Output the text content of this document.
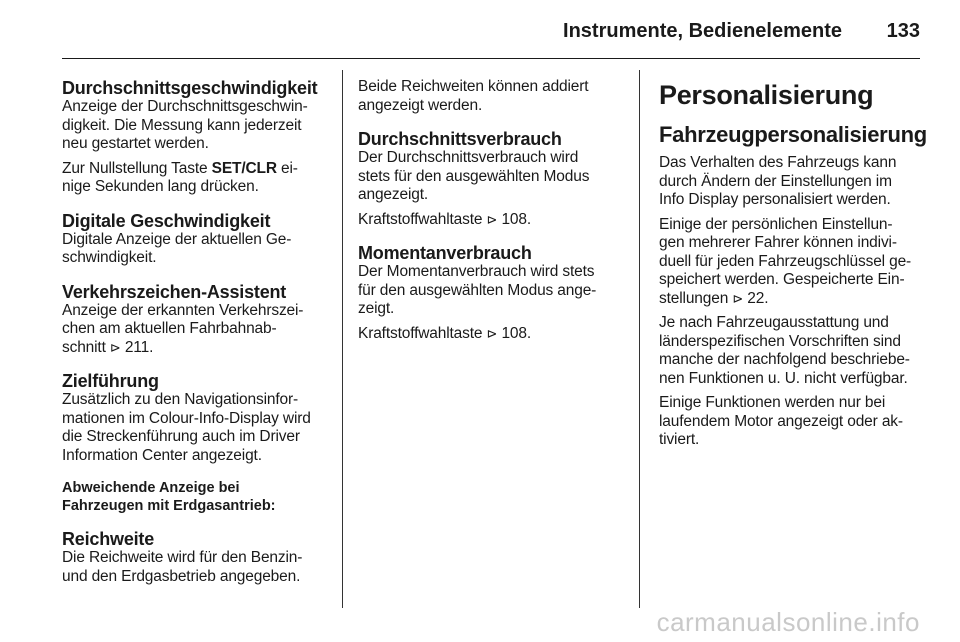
Instrumente, Bedienelemente 133
Durchschnittsgeschwindigkeit

Anzeige der Durchschnittsgeschwin-
digkeit. Die Messung kann jederzeit
neu gestartet werden.

Zur Nullstellung Taste SET/CLR ei-
nige Sekunden lang drücken.

Digitale Geschwindigkeit

Digitale Anzeige der aktuellen Ge-
schwindigkeit.

Verkehrszeichen-Assistent

Anzeige der erkannten Verkehrszei-
chen am aktuellen Fahrbahnab-
schnitt ⊳ 211.

Zielführung

Zusätzlich zu den Navigationsinfor-
mationen im Colour-Info-Display wird
die Streckenführung auch im Driver
Information Center angezeigt.

Abweichende Anzeige bei
Fahrzeugen mit Erdgasantrieb:
Reichweite

Die Reichweite wird für den Benzin-
und den Erdgasbetrieb angegeben.

Beide Reichweiten können addiert
angezeigt werden.

Durchschnittsverbrauch

Der Durchschnittsverbrauch wird
stets für den ausgewählten Modus
angezeigt.

Kraftstoffwahltaste ⊳ 108.

Momentanverbrauch

Der Momentanverbrauch wird stets
für den ausgewählten Modus ange-
zeigt.

Kraftstoffwahltaste ⊳ 108.

Personalisierung
Fahrzeugpersonalisierung

Das Verhalten des Fahrzeugs kann
durch Ändern der Einstellungen im
Info Display personalisiert werden.

Einige der persönlichen Einstellun-
gen mehrerer Fahrer können indivi-
duell für jeden Fahrzeugschlüssel ge-
speichert werden. Gespeicherte Ein-
stellungen ⊳ 22.

Je nach Fahrzeugausstattung und
länderspezifischen Vorschriften sind
manche der nachfolgend beschriebe-
nen Funktionen u. U. nicht verfügbar.

Einige Funktionen werden nur bei
laufendem Motor angezeigt oder ak-
tiviert.

carmanualsonline.info
